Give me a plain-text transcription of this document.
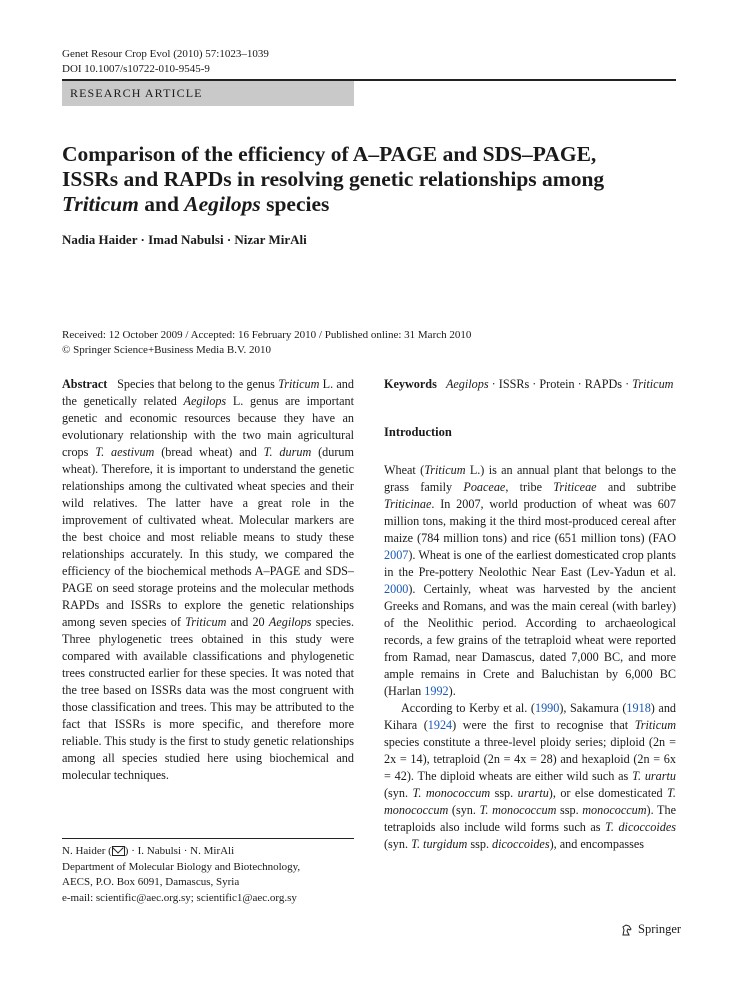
Genet Resour Crop Evol (2010) 57:1023–1039
DOI 10.1007/s10722-010-9545-9
RESEARCH ARTICLE
Comparison of the efficiency of A–PAGE and SDS–PAGE,
ISSRs and RAPDs in resolving genetic relationships among
Triticum and Aegilops species
Nadia Haider · Imad Nabulsi · Nizar MirAli
Received: 12 October 2009 / Accepted: 16 February 2010 / Published online: 31 March 2010
© Springer Science+Business Media B.V. 2010

Abstract Species that belong to the genus Triticum L. and the genetically related Aegilops L. genus are important genetic and economic resources because they have an evolutionary relationship with the two main agricultural crops T. aestivum (bread wheat) and T. durum (durum wheat). Therefore, it is important to understand the genetic relationships among the cultivated wheat species and their wild relatives. The latter have a great role in the improvement of cultivated wheat. Molecular markers are the best choice and most reliable means to study these relationships accurately. In this study, we compared the efficiency of the biochemical methods A–PAGE and SDS–PAGE on seed storage proteins and the molecular methods RAPDs and ISSRs to explore the genetic relationships among seven species of Triticum and 20 Aegilops species. Three phylogenetic trees obtained in this study were compared with available classifications and phylogenetic trees constructed earlier for these species. It was noted that the tree based on ISSRs data was the most congruent with those classification and trees. This may be attributed to the fact that ISSRs is more specific, and therefore more reliable. This study is the first to study genetic relationships among all species studied here using biochemical and molecular techniques.

N. Haider ( ) · I. Nabulsi · N. MirAli
Department of Molecular Biology and Biotechnology,
AECS, P.O. Box 6091, Damascus, Syria
e-mail: scientific@aec.org.sy; scientific1@aec.org.sy

Keywords Aegilops · ISSRs · Protein · RAPDs · Triticum

Introduction

Wheat (Triticum L.) is an annual plant that belongs to the grass family Poaceae, tribe Triticeae and subtribe Triticinae. In 2007, world production of wheat was 607 million tons, making it the third most-produced cereal after maize (784 million tons) and rice (651 million tons) (FAO 2007). Wheat is one of the earliest domesticated crop plants in the Pre-pottery Neolothic Near East (Lev-Yadun et al. 2000). Certainly, wheat was harvested by the ancient Greeks and Romans, and was the main cereal (with barley) of the Neolithic period. According to archaeological records, a few grains of the tetraploid wheat were reported from Ramad, near Damascus, dated 7,000 BC, and more ample remains in Crete and Baluchistan by 6,000 BC (Harlan 1992).

According to Kerby et al. (1990), Sakamura (1918) and Kihara (1924) were the first to recognise that Triticum species constitute a three-level ploidy series; diploid (2n = 2x = 14), tetraploid (2n = 4x = 28) and hexaploid (2n = 6x = 42). The diploid wheats are either wild such as T. urartu (syn. T. monococcum ssp. urartu), or else domesticated T. monococcum (syn. T. monococcum ssp. monococcum). The tetraploids also include wild forms such as T. dicoccoides (syn. T. turgidum ssp. dicoccoides), and encompasses

Springer
